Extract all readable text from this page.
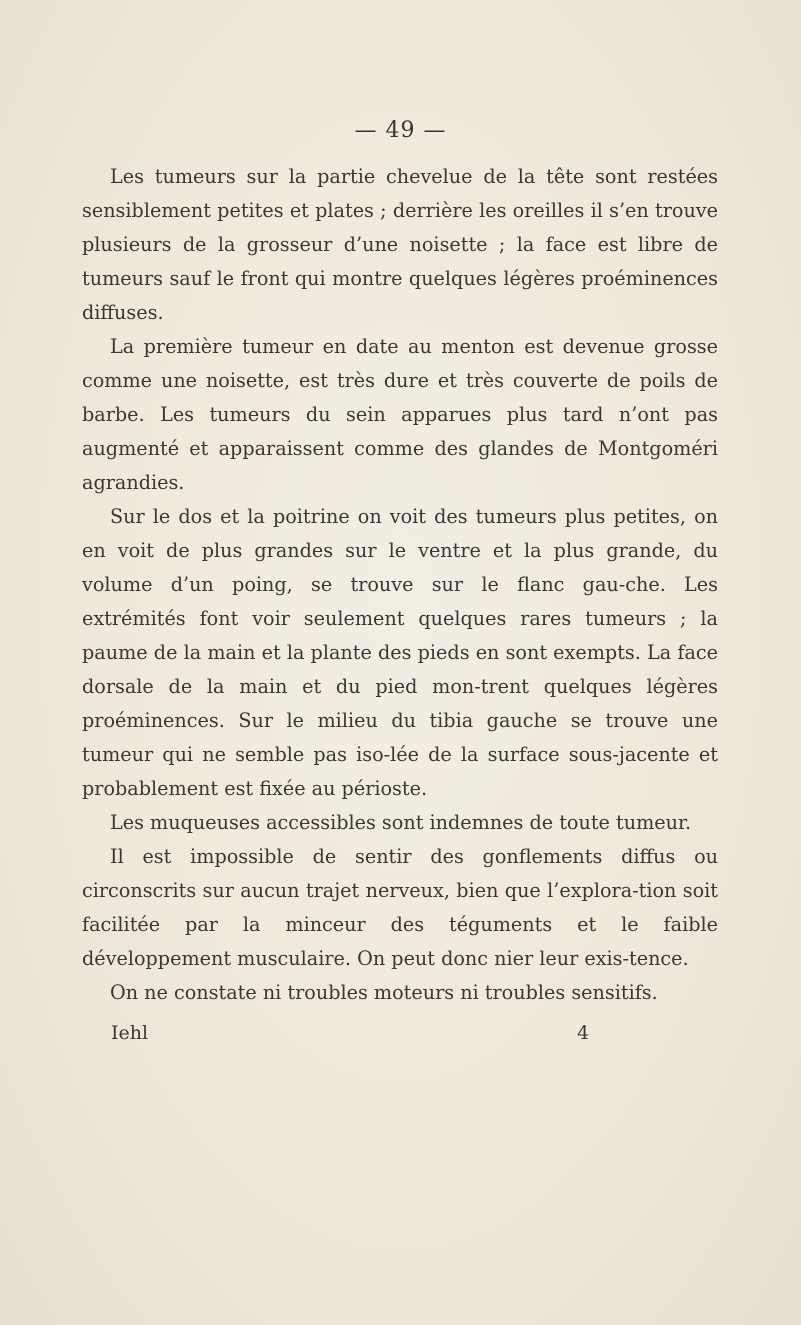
— 49 —

Les tumeurs sur la partie chevelue de la tête sont restées sensiblement petites et plates ; derrière les oreilles il s’en trouve plusieurs de la grosseur d’une noisette ; la face est libre de tumeurs sauf le front qui montre quelques légères proéminences diffuses.

La première tumeur en date au menton est devenue grosse comme une noisette, est très dure et très couverte de poils de barbe. Les tumeurs du sein apparues plus tard n’ont pas augmenté et apparaissent comme des glandes de Montgoméri agrandies.

Sur le dos et la poitrine on voit des tumeurs plus petites, on en voit de plus grandes sur le ventre et la plus grande, du volume d’un poing, se trouve sur le flanc gau-che. Les extrémités font voir seulement quelques rares tumeurs ; la paume de la main et la plante des pieds en sont exempts. La face dorsale de la main et du pied mon-trent quelques légères proéminences. Sur le milieu du tibia gauche se trouve une tumeur qui ne semble pas iso-lée de la surface sous-jacente et probablement est fixée au périoste.

Les muqueuses accessibles sont indemnes de toute tumeur.

Il est impossible de sentir des gonflements diffus ou circonscrits sur aucun trajet nerveux, bien que l’explora-tion soit facilitée par la minceur des téguments et le faible développement musculaire. On peut donc nier leur exis-tence.

On ne constate ni troubles moteurs ni troubles sensitifs.

Iehl	4
